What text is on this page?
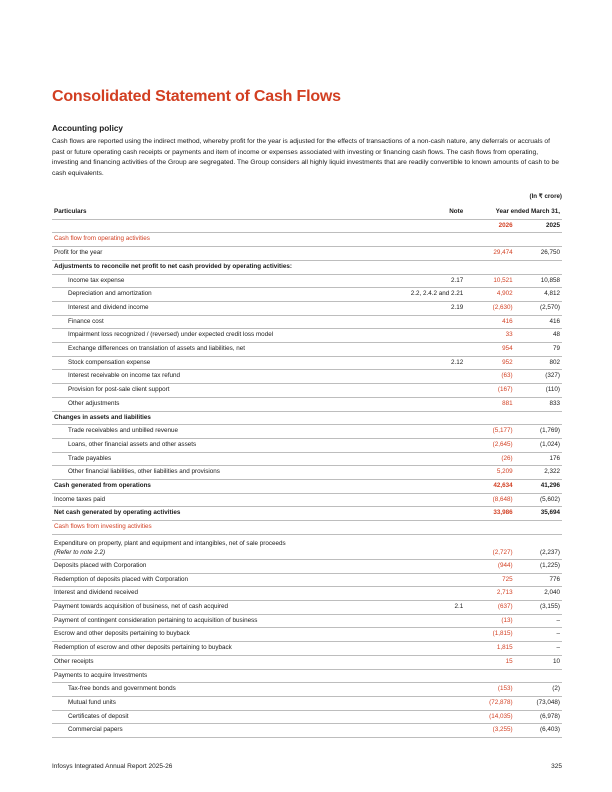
Consolidated Statement of Cash Flows
Accounting policy

Cash flows are reported using the indirect method, whereby profit for the year is adjusted for the effects of transactions of a non-cash nature, any deferrals or accruals of past or future operating cash receipts or payments and item of income or expenses associated with investing or financing cash flows. The cash flows from operating, investing and financing activities of the Group are segregated. The Group considers all highly liquid investments that are readily convertible to known amounts of cash to be cash equivalents.

(In ₹ crore)
Particulars	Note	Year ended March 31,	
		2026	2025
Cash flow from operating activities			
Profit for the year		29,474	26,750
Adjustments to reconcile net profit to net cash provided by operating activities:			
Income tax expense	2.17	10,521	10,858
Depreciation and amortization	2.2, 2.4.2 and 2.21	4,902	4,812
Interest and dividend income	2.19	(2,630)	(2,570)
Finance cost		416	416
Impairment loss recognized / (reversed) under expected credit loss model		33	48
Exchange differences on translation of assets and liabilities, net		954	79
Stock compensation expense	2.12	952	802
Interest receivable on income tax refund		(63)	(327)
Provision for post-sale client support		(167)	(110)
Other adjustments		881	833
Changes in assets and liabilities			
Trade receivables and unbilled revenue		(5,177)	(1,769)
Loans, other financial assets and other assets		(2,645)	(1,024)
Trade payables		(26)	176
Other financial liabilities, other liabilities and provisions		5,209	2,322
Cash generated from operations		42,634	41,296
Income taxes paid		(8,648)	(5,602)
Net cash generated by operating activities		33,986	35,694
Cash flows from investing activities			
Expenditure on property, plant and equipment and intangibles, net of sale proceeds
(Refer to note 2.2)		(2,727)	(2,237)
Deposits placed with Corporation		(944)	(1,225)
Redemption of deposits placed with Corporation		725	776
Interest and dividend received		2,713	2,040
Payment towards acquisition of business, net of cash acquired	2.1	(637)	(3,155)
Payment of contingent consideration pertaining to acquisition of business		(13)	–
Escrow and other deposits pertaining to buyback		(1,815)	–
Redemption of escrow and other deposits pertaining to buyback		1,815	–
Other receipts		15	10
Payments to acquire Investments			
Tax-free bonds and government bonds		(153)	(2)
Mutual fund units		(72,878)	(73,048)
Certificates of deposit		(14,035)	(6,978)
Commercial papers		(3,255)	(6,403)
Infosys Integrated Annual Report 2025-26	325
